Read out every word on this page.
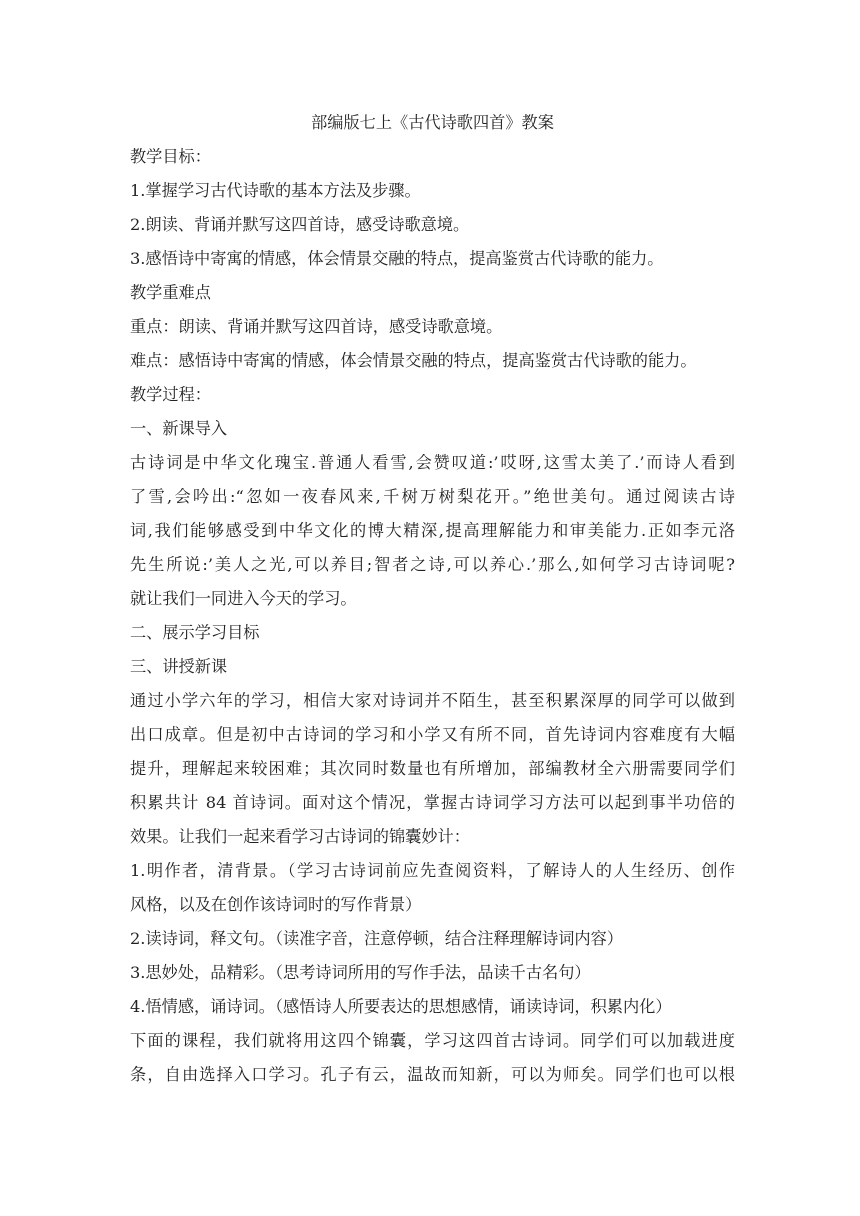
部编版七上《古代诗歌四首》教案

教学目标：

1.掌握学习古代诗歌的基本方法及步骤。

2.朗读、背诵并默写这四首诗，感受诗歌意境。

3.感悟诗中寄寓的情感，体会情景交融的特点，提高鉴赏古代诗歌的能力。

教学重难点

重点：朗读、背诵并默写这四首诗，感受诗歌意境。

难点：感悟诗中寄寓的情感，体会情景交融的特点，提高鉴赏古代诗歌的能力。

教学过程：

一、新课导入

古诗词是中华文化瑰宝.普通人看雪,会赞叹道:’哎呀,这雪太美了.’而诗人看到
了雪,会吟出:“忽如一夜春风来,千树万树梨花开。”绝世美句。通过阅读古诗
词,我们能够感受到中华文化的博大精深,提高理解能力和审美能力.正如李元洛
先生所说:’美人之光,可以养目;智者之诗,可以养心.’那么,如何学习古诗词呢?
就让我们一同进入今天的学习。

二、展示学习目标

三、讲授新课

通过小学六年的学习，相信大家对诗词并不陌生，甚至积累深厚的同学可以做到
出口成章。但是初中古诗词的学习和小学又有所不同，首先诗词内容难度有大幅
提升，理解起来较困难；其次同时数量也有所增加，部编教材全六册需要同学们
积累共计 84 首诗词。面对这个情况，掌握古诗词学习方法可以起到事半功倍的
效果。让我们一起来看学习古诗词的锦囊妙计：
1.明作者，清背景。（学习古诗词前应先查阅资料，了解诗人的人生经历、创作
风格，以及在创作该诗词时的写作背景）
2.读诗词，释文句。（读准字音，注意停顿，结合注释理解诗词内容）
3.思妙处，品精彩。（思考诗词所用的写作手法，品读千古名句）
4.悟情感，诵诗词。（感悟诗人所要表达的思想感情，诵读诗词，积累内化）
下面的课程，我们就将用这四个锦囊，学习这四首古诗词。同学们可以加载进度
条，自由选择入口学习。孔子有云，温故而知新，可以为师矣。同学们也可以根
